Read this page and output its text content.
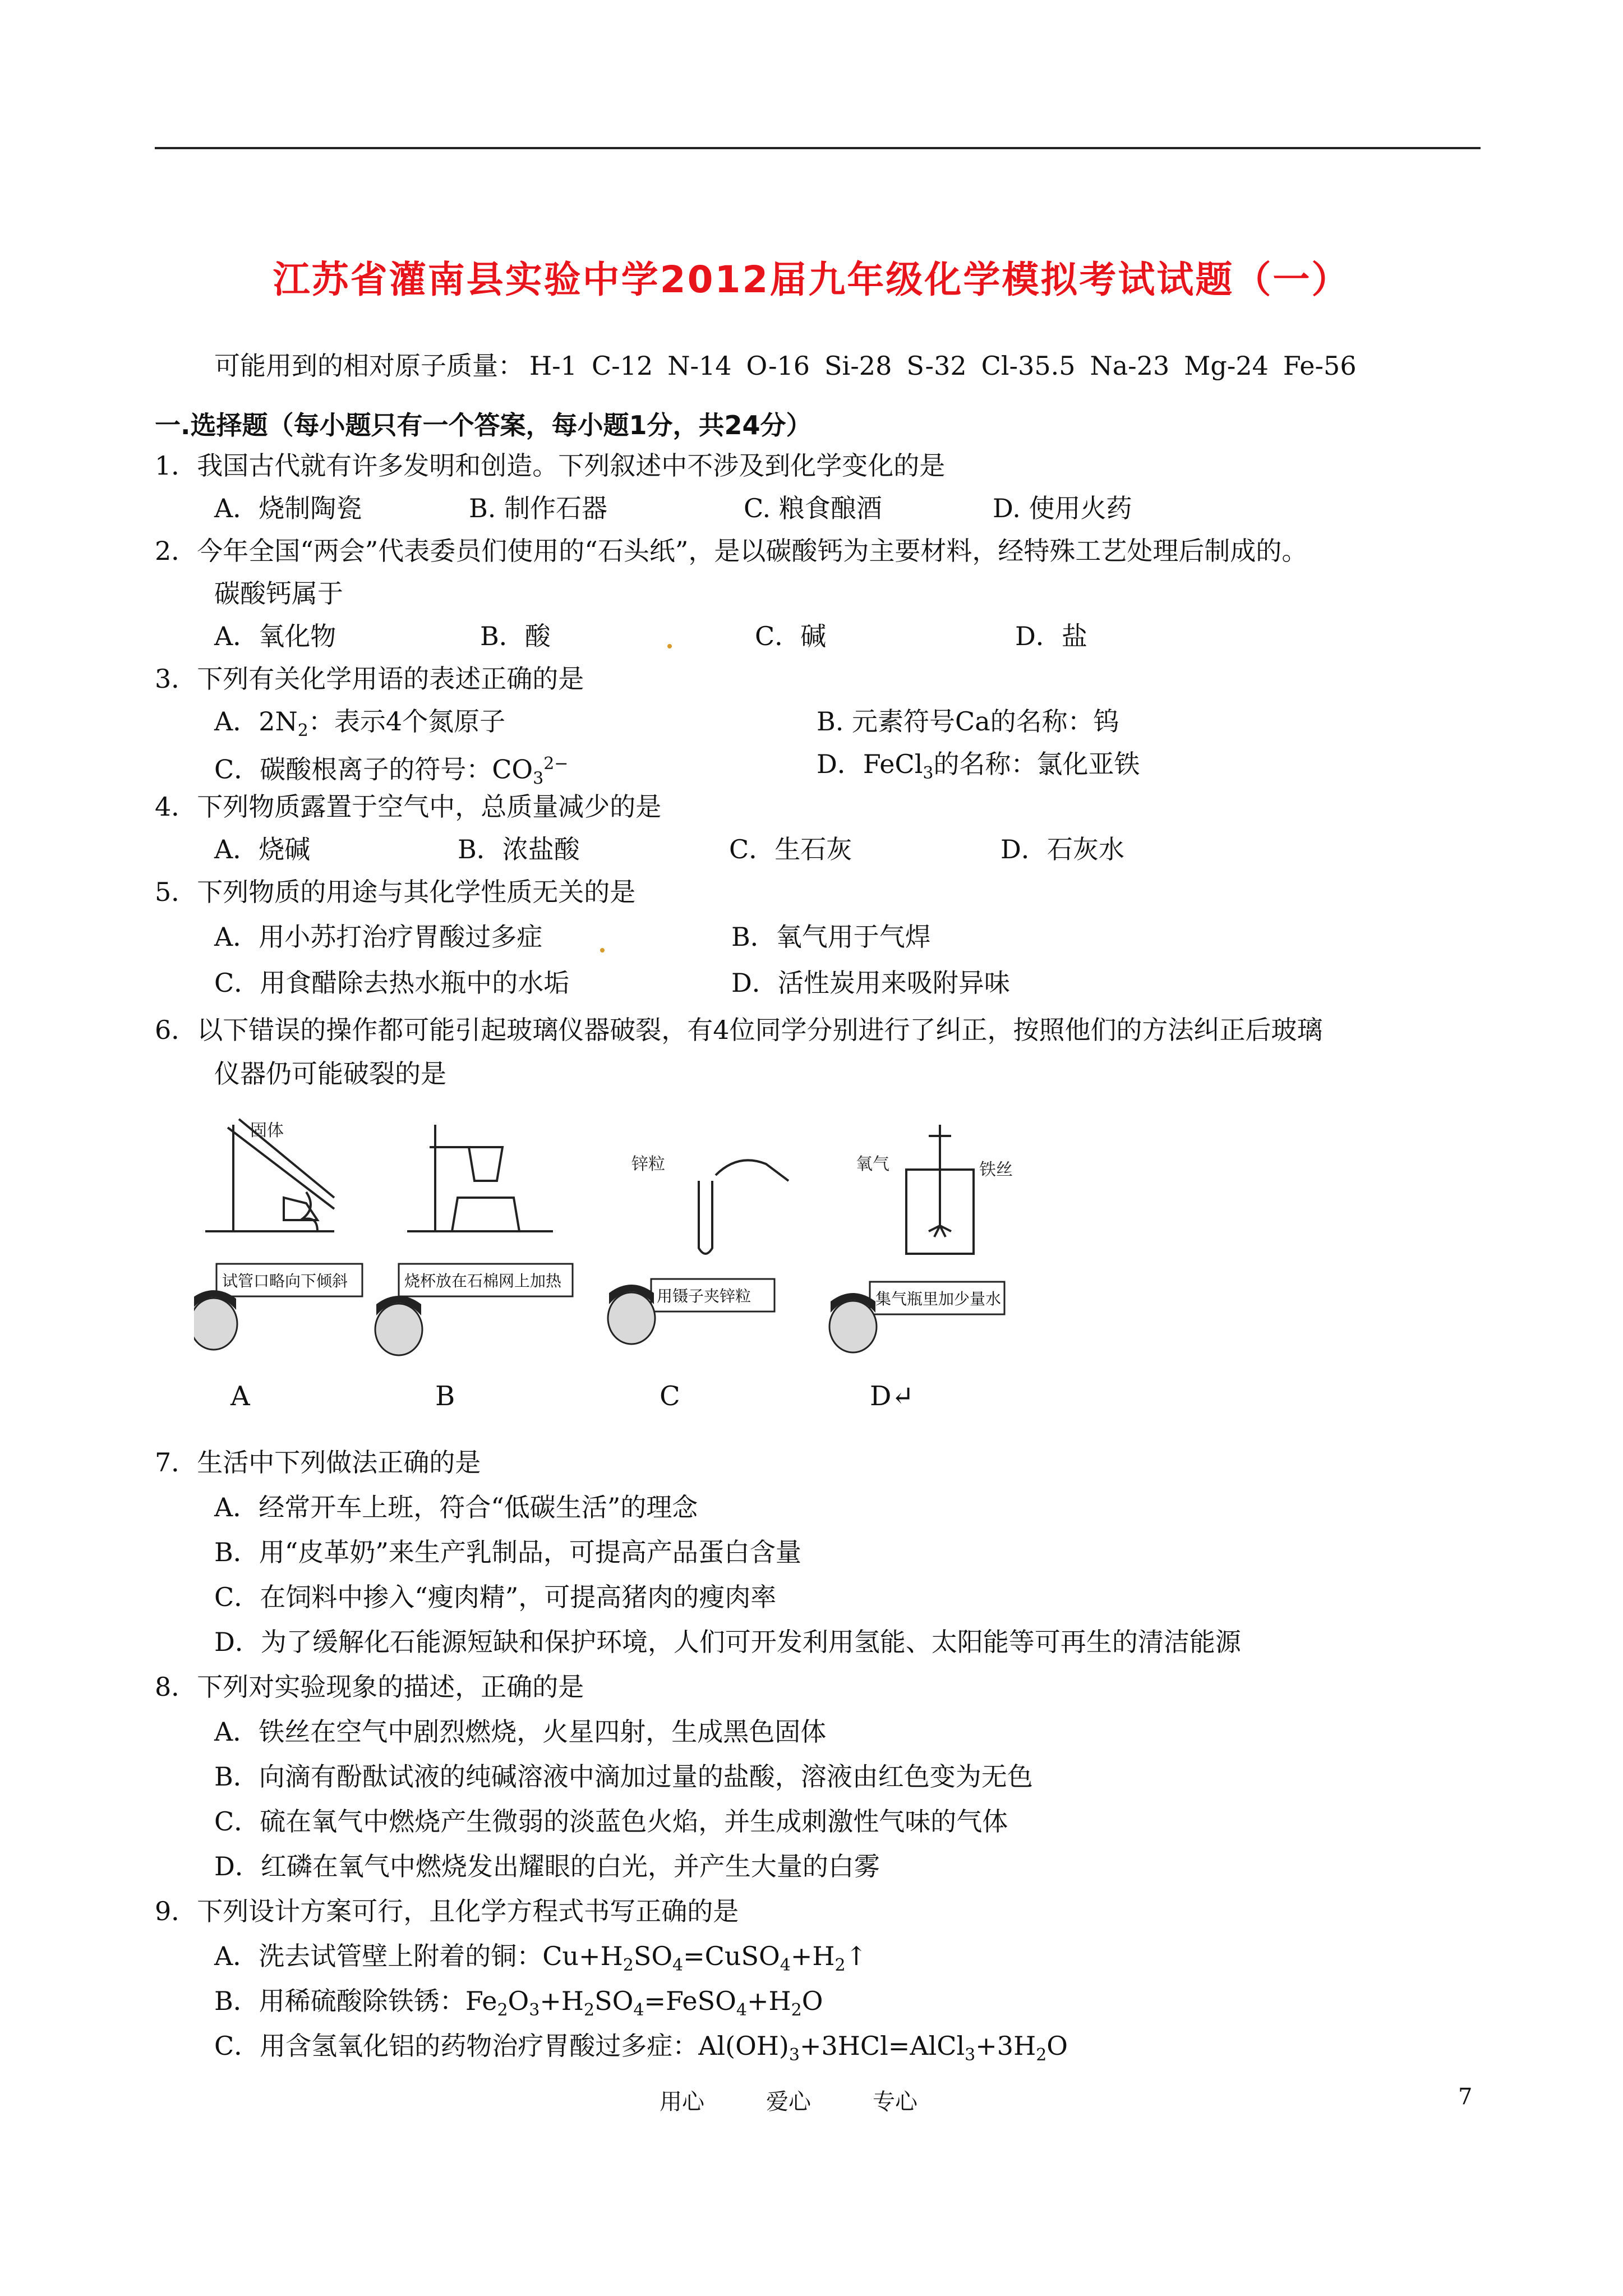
江苏省灌南县实验中学2012届九年级化学模拟考试试题（一）
可能用到的相对原子质量： H-1 C-12 N-14 O-16 Si-28 S-32 Cl-35.5 Na-23 Mg-24 Fe-56
一.选择题（每小题只有一个答案，每小题1分，共24分）
1．我国古代就有许多发明和创造。下列叙述中不涉及到化学变化的是
A．烧制陶瓷	B. 制作石器	C. 粮食酿酒	D. 使用火药
2．今年全国“两会”代表委员们使用的“石头纸”，是以碳酸钙为主要材料，经特殊工艺处理后制成的。
碳酸钙属于
A．氧化物	B．酸	C．碱	D．盐
3．下列有关化学用语的表述正确的是
A．$2N_2$：表示4个氮原子	B. 元素符号Ca的名称：钨
C．碳酸根离子的符号：$CO_3^{2-}$	D．FeCl$_3$的名称：氯化亚铁
4．下列物质露置于空气中，总质量减少的是
A．烧碱	B．浓盐酸	C．生石灰	D．石灰水
5．下列物质的用途与其化学性质无关的是
A．用小苏打治疗胃酸过多症	B．氧气用于气焊
C．用食醋除去热水瓶中的水垢	D．活性炭用来吸附异味
6．以下错误的操作都可能引起玻璃仪器破裂，有4位同学分别进行了纠正，按照他们的方法纠正后玻璃
仪器仍可能破裂的是
固体
锌粒	氧气	铁丝
试管口略向下倾斜	烧杯放在石棉网上加热
用镊子夹锌粒	集气瓶里加少量水
A	B	C	D↵
7．生活中下列做法正确的是
A．经常开车上班，符合“低碳生活”的理念
B．用“皮革奶”来生产乳制品，可提高产品蛋白含量
C．在饲料中掺入“瘦肉精”，可提高猪肉的瘦肉率
D．为了缓解化石能源短缺和保护环境，人们可开发利用氢能、太阳能等可再生的清洁能源
8．下列对实验现象的描述，正确的是
A．铁丝在空气中剧烈燃烧，火星四射，生成黑色固体
B．向滴有酚酞试液的纯碱溶液中滴加过量的盐酸，溶液由红色变为无色
C．硫在氧气中燃烧产生微弱的淡蓝色火焰，并生成刺激性气味的气体
D．红磷在氧气中燃烧发出耀眼的白光，并产生大量的白雾
9．下列设计方案可行，且化学方程式书写正确的是
A．洗去试管壁上附着的铜：$Cu+H_2SO_4=CuSO_4+H_2↑$
B．用稀硫酸除铁锈：$Fe_2O_3+H_2SO_4=FeSO_4+H_2O$
C．用含氢氧化铝的药物治疗胃酸过多症：$Al(OH)_3+3HCl=AlCl_3+3H_2O$
用心	爱心	专心	7
